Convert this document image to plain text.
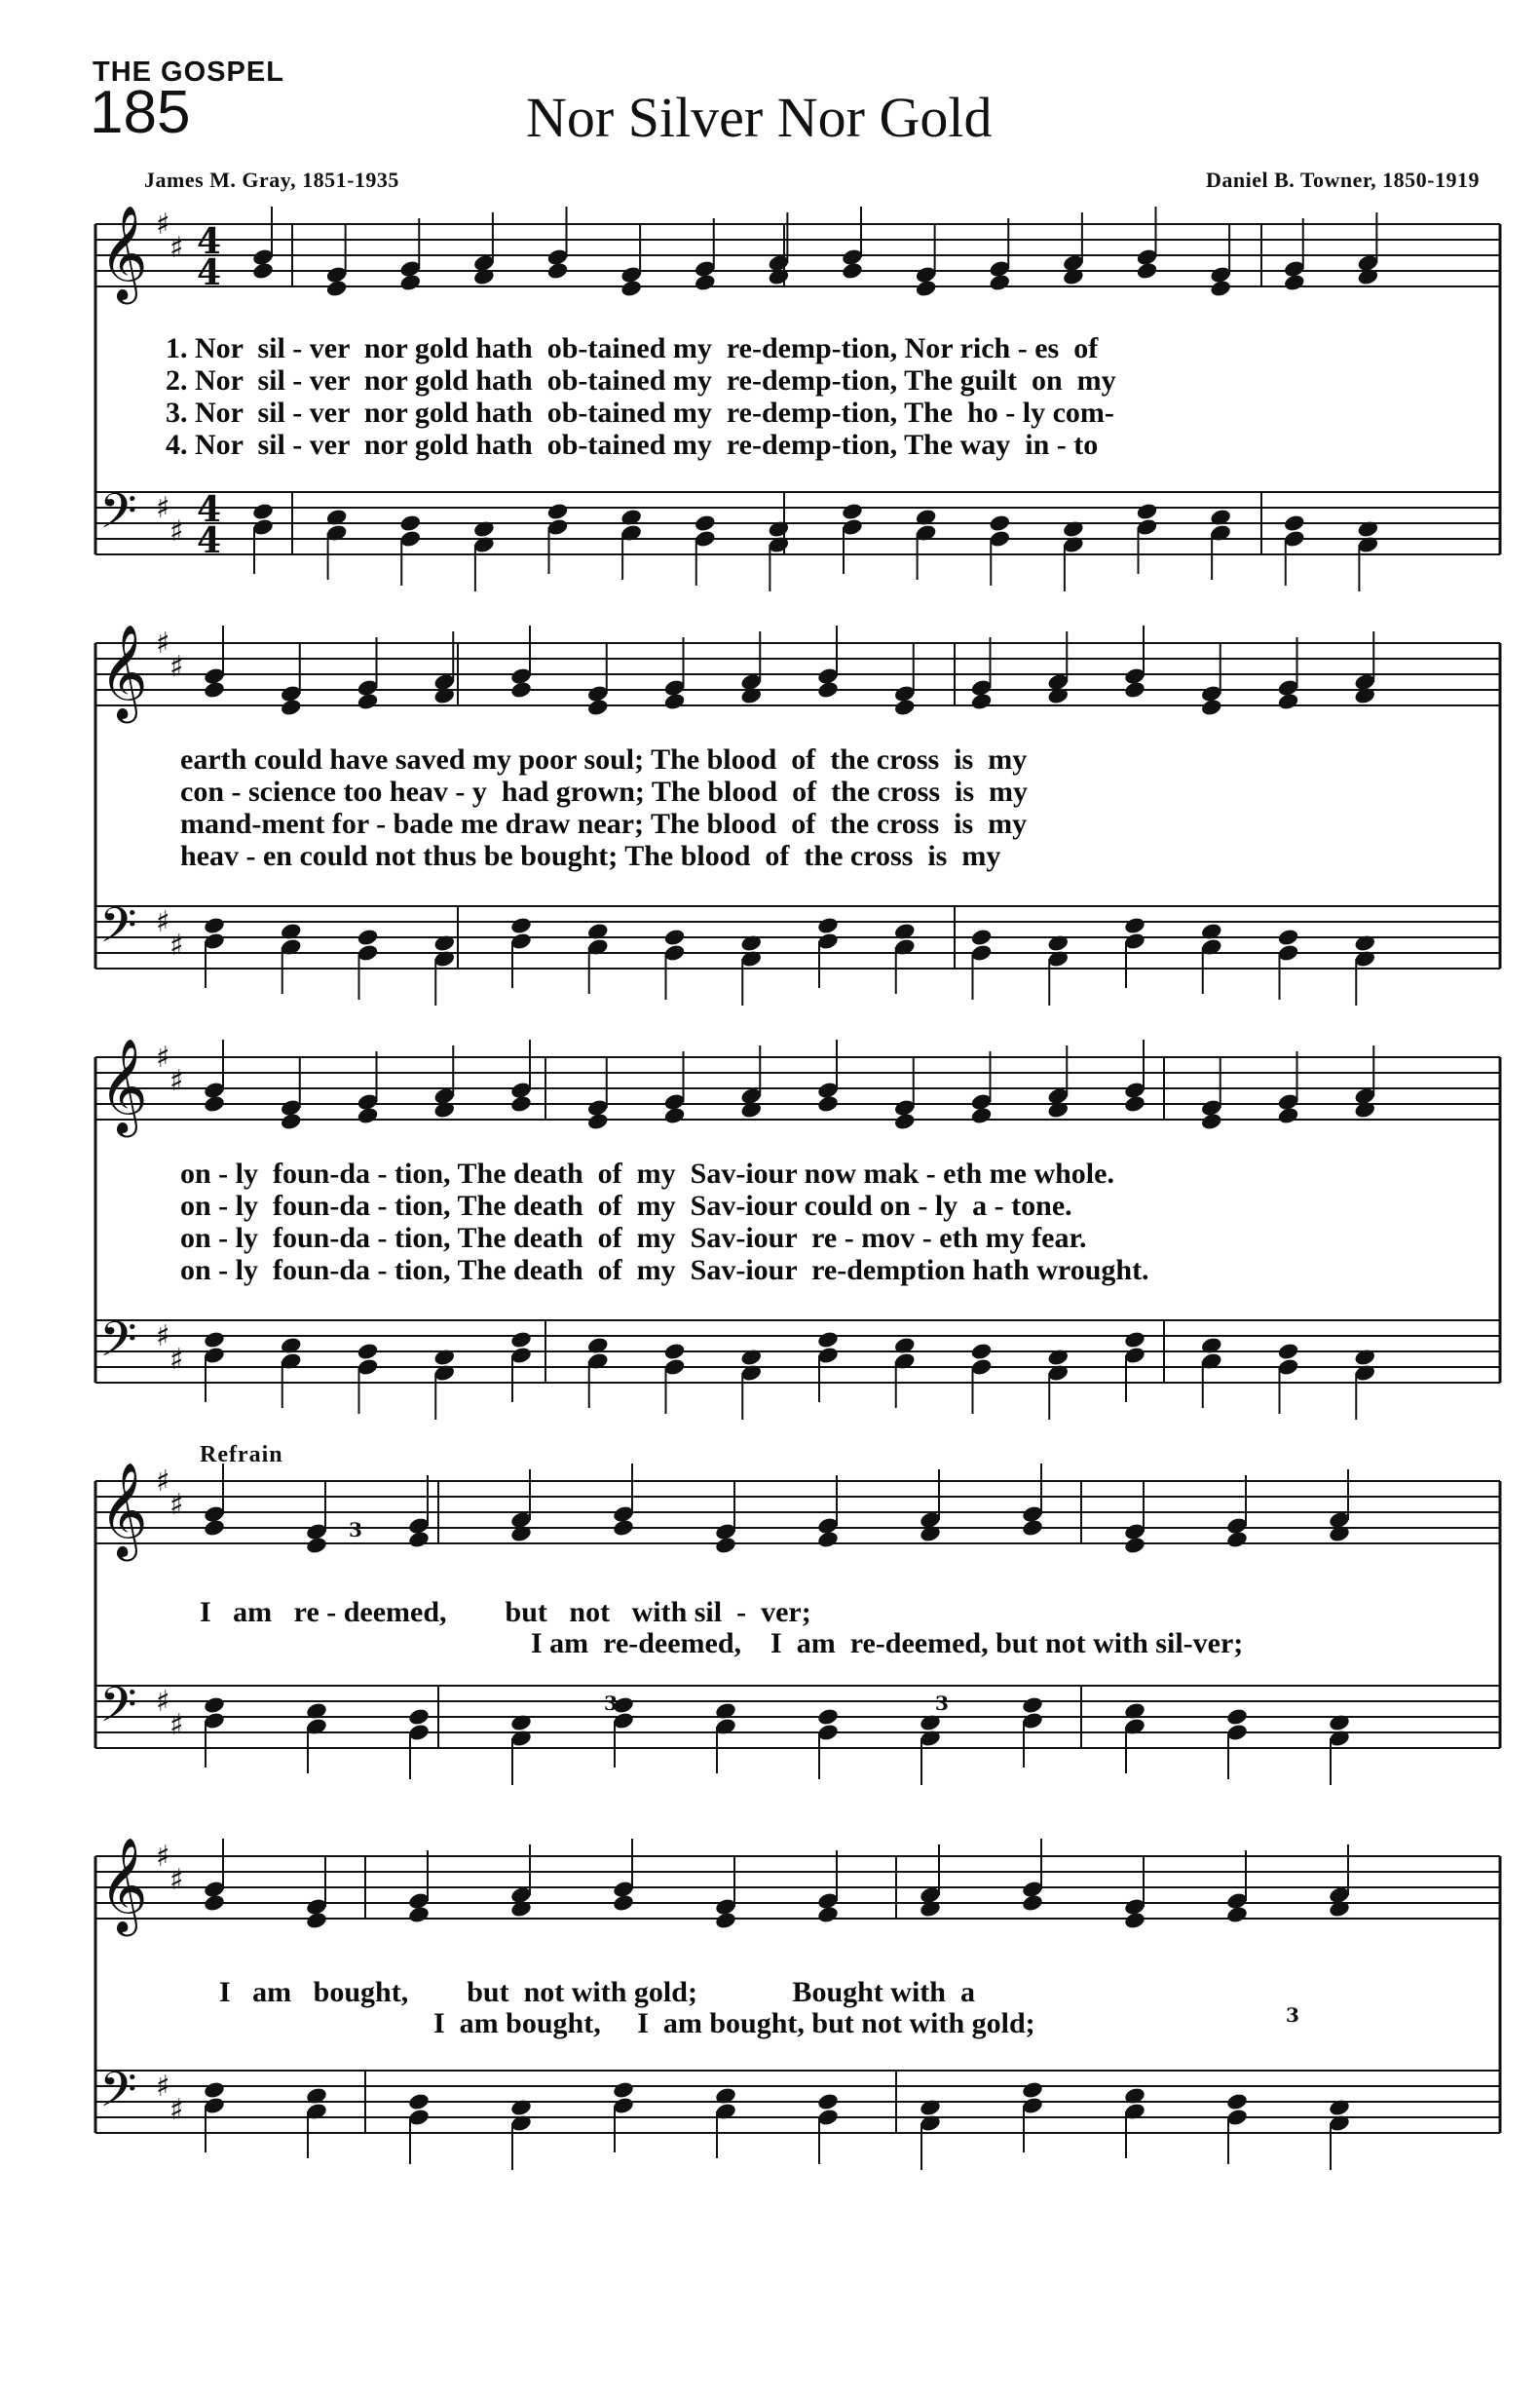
THE GOSPEL
185	Nor Silver Nor Gold
James M. Gray, 1851-1935	Daniel B. Towner, 1850-1919
♯
♯
𝄞
♯
♯
𝄢
4
4
4
4
♯
♯
𝄞
♯
♯
𝄢
♯
♯
𝄞
♯
♯
𝄢
♯
♯
𝄞
♯
♯
𝄢
♯
♯
𝄞
♯
♯
𝄢
3
3	3
3
1. Nor  sil - ver  nor gold hath  ob-tained my  re-demp-tion, Nor rich - es  of
2. Nor  sil - ver  nor gold hath  ob-tained my  re-demp-tion, The guilt  on  my
3. Nor  sil - ver  nor gold hath  ob-tained my  re-demp-tion, The  ho - ly com-
4. Nor  sil - ver  nor gold hath  ob-tained my  re-demp-tion, The way  in - to
earth could have saved my poor soul; The blood  of  the cross  is  my
con - science too heav - y  had grown; The blood  of  the cross  is  my
mand-ment for - bade me draw near; The blood  of  the cross  is  my
heav - en could not thus be bought; The blood  of  the cross  is  my
on - ly  foun-da - tion, The death  of  my  Sav-iour now mak - eth me whole.
on - ly  foun-da - tion, The death  of  my  Sav-iour could on - ly  a - tone.
on - ly  foun-da - tion, The death  of  my  Sav-iour  re - mov - eth my fear.
on - ly  foun-da - tion, The death  of  my  Sav-iour  re-demption hath wrought.
Refrain
I   am   re - deemed,        but   not   with sil  -  ver;
I am  re-deemed,    I  am  re-deemed, but not with sil-ver;
I   am   bought,        but  not with gold;             Bought with  a
I  am bought,     I  am bought, but not with gold;
